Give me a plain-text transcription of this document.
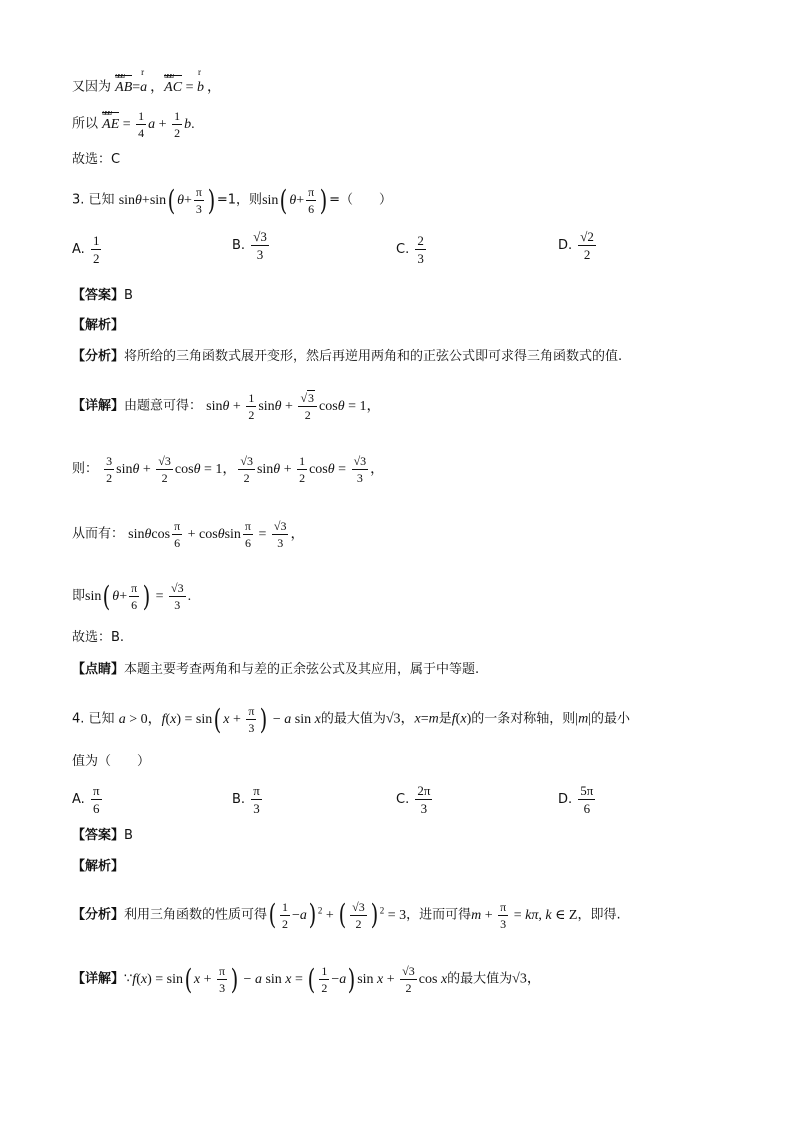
又因为
uuu
$AB=a^r$，
uuu
AC = $b^r$，
所以
uuu
AE = $\frac{1}{4}$ $a + \frac{1}{2} b$.
故选：C
3. 已知 sinθ+sin( $\theta+ \frac{\pi}{3}$ ) =1，则sin( $\theta+ \frac{\pi}{6}$ ) =（　　）
A. $\frac{1}{2}$	B. $\frac{√3}{3}$	C. $\frac{2}{3}$	D. $\frac{√2}{2}$
【答案】B
【解析】
【分析】将所给的三角函数式展开变形，然后再逆用两角和的正弦公式即可求得三角函数式的值.
【详解】由题意可得： $\sin\theta + \frac{1}{2}$ $\sin\theta + \frac{√3}{2}$ cosθ = 1，
则： $\frac{3}{2}$ $\sin\theta + \frac{√3}{2}$ cosθ = 1， $\frac{√3}{2}$ $\sin\theta + \frac{1}{2}$ $\cos\theta = \frac{√3}{3}$ ，
从而有： sinθcos $\frac{\pi}{6} + \cos\theta\sin \frac{\pi}{6} = \frac{√3}{3}$ ，
即sin( $\theta+ \frac{\pi}{6}$ ) = $\frac{√3}{3}$ .
故选：B.
【点睛】本题主要考查两角和与差的正余弦公式及其应用，属于中等题.
4. 已知 a > 0，f(x) = sin( $x + \frac{\pi}{3}$ ) − a sin x的最大值为√3，x=m是f(x)的一条对称轴，则|m|的最小
值为（　　）
A. $\frac{\pi}{6}$	B. $\frac{\pi}{3}$	C. $\frac{2\pi}{3}$	D. $\frac{5\pi}{6}$
【答案】B
【解析】
【分析】利用三角函数的性质可得( $\frac{1}{2} -a$) $^2$ + ( $\frac{√3}{2}$ ) $^2$ = 3，进而可得$m + \frac{\pi}{3} = k\pi$, k ∈ Z，即得.
【详解】∵f(x) = sin( $x + \frac{\pi}{3}$ ) − a sin x = ( $\frac{1}{2} -a$) $\sin x + \frac{√3}{2}$ cos x的最大值为√3，
